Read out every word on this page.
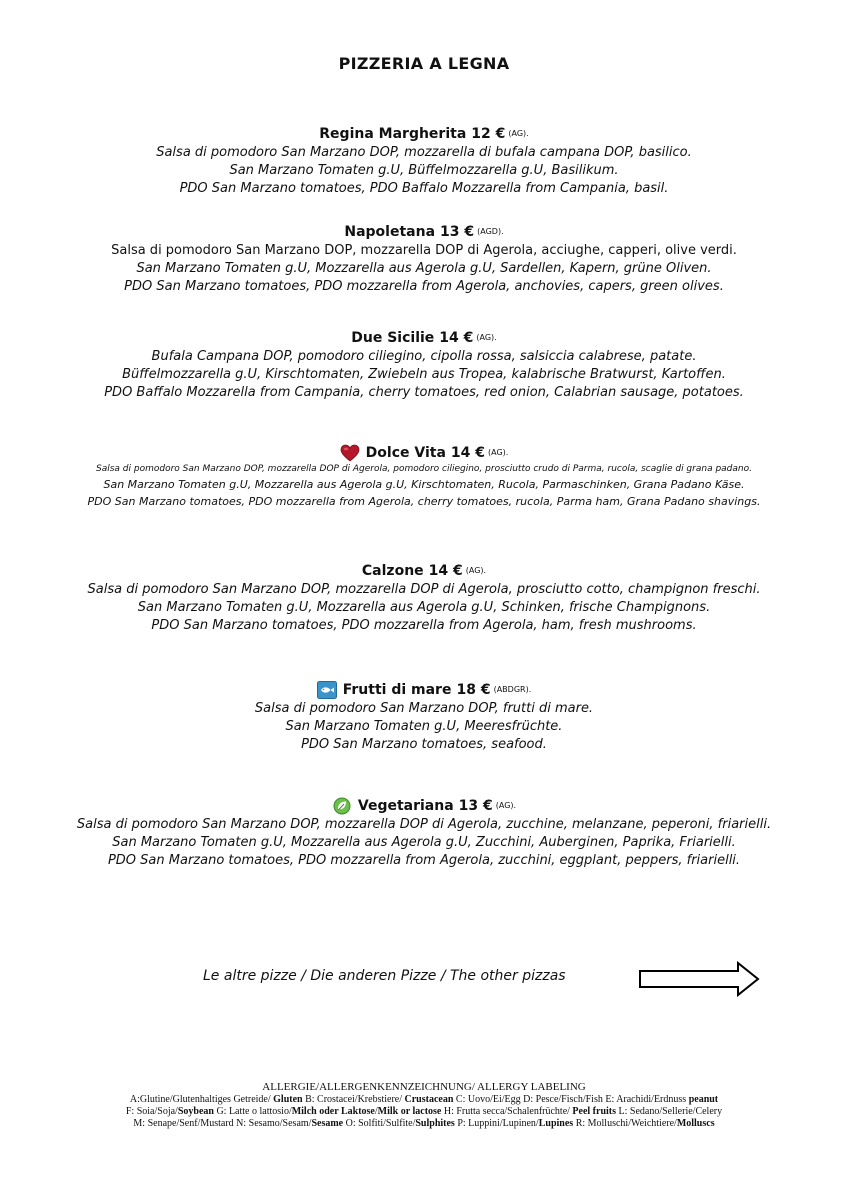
PIZZERIA A LEGNA
Regina Margherita 12 € (AG).
Salsa di pomodoro San Marzano DOP, mozzarella di bufala campana DOP, basilico.
San Marzano Tomaten g.U, Büffelmozzarella g.U, Basilikum.
PDO San Marzano tomatoes, PDO Baffalo Mozzarella from Campania, basil.
Napoletana 13 € (AGD).
Salsa di pomodoro San Marzano DOP, mozzarella DOP di Agerola, acciughe, capperi, olive verdi.
San Marzano Tomaten g.U, Mozzarella aus Agerola g.U, Sardellen, Kapern, grüne Oliven.
PDO San Marzano tomatoes, PDO mozzarella from Agerola, anchovies, capers, green olives.
Due Sicilie 14 € (AG).
Bufala Campana DOP, pomodoro ciliegino, cipolla rossa, salsiccia calabrese, patate.
Büffelmozzarella g.U, Kirschtomaten, Zwiebeln aus Tropea, kalabrische Bratwurst, Kartoffen.
PDO Baffalo Mozzarella from Campania, cherry tomatoes, red onion, Calabrian sausage, potatoes.
Dolce Vita 14 € (AG).
Salsa di pomodoro San Marzano DOP, mozzarella DOP di Agerola, pomodoro ciliegino, prosciutto crudo di Parma, rucola, scaglie di grana padano.
San Marzano Tomaten g.U, Mozzarella aus Agerola g.U, Kirschtomaten, Rucola, Parmaschinken, Grana Padano Käse.
PDO San Marzano tomatoes, PDO mozzarella from Agerola, cherry tomatoes, rucola, Parma ham, Grana Padano shavings.
Calzone 14 € (AG).
Salsa di pomodoro San Marzano DOP, mozzarella DOP di Agerola, prosciutto cotto, champignon freschi.
San Marzano Tomaten g.U, Mozzarella aus Agerola g.U, Schinken, frische Champignons.
PDO San Marzano tomatoes, PDO mozzarella from Agerola, ham, fresh mushrooms.
Frutti di mare 18 € (ABDGR).
Salsa di pomodoro San Marzano DOP, frutti di mare.
San Marzano Tomaten g.U, Meeresfrüchte.
PDO San Marzano tomatoes, seafood.
Vegetariana 13 € (AG).
Salsa di pomodoro San Marzano DOP, mozzarella DOP di Agerola, zucchine, melanzane, peperoni, friarielli.
San Marzano Tomaten g.U, Mozzarella aus Agerola g.U, Zucchini, Auberginen, Paprika, Friarielli.
PDO San Marzano tomatoes, PDO mozzarella from Agerola, zucchini, eggplant, peppers, friarielli.
Le altre pizze / Die anderen Pizze / The other pizzas
ALLERGIE/ALLERGENKENNZEICHNUNG/ ALLERGY LABELING
A:Glutine/Glutenhaltiges Getreide/ Gluten B: Crostacei/Krebstiere/ Crustacean C: Uovo/Ei/Egg D: Pesce/Fisch/Fish E: Arachidi/Erdnuss peanut
F: Soia/Soja/Soybean G: Latte o lattosio/Milch oder Laktose/Milk or lactose H: Frutta secca/Schalenfrüchte/ Peel fruits L: Sedano/Sellerie/Celery
M: Senape/Senf/Mustard N: Sesamo/Sesam/Sesame O: Solfiti/Sulfite/Sulphites P: Luppini/Lupinen/Lupines R: Molluschi/Weichtiere/Molluscs
